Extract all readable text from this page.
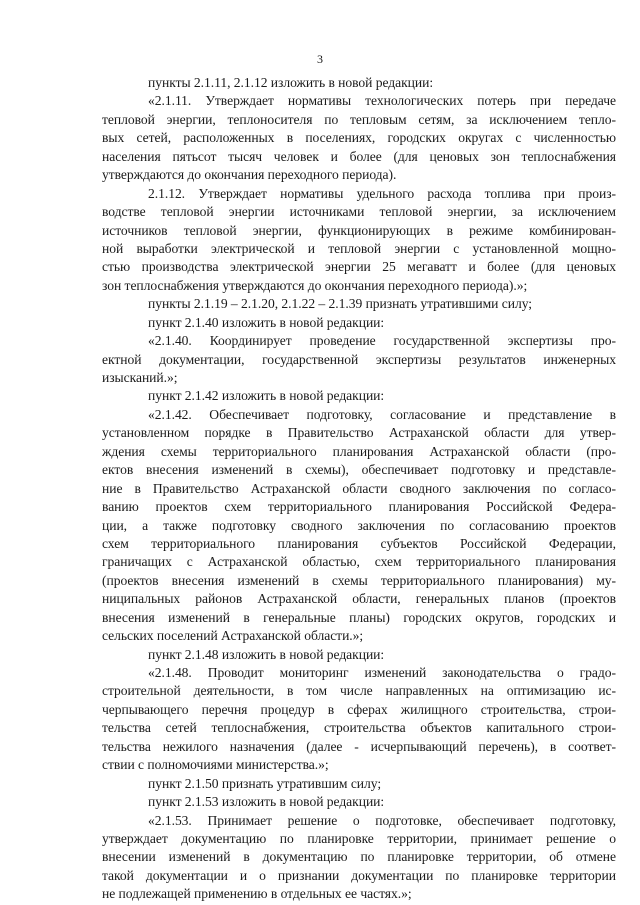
3
пункты 2.1.11, 2.1.12 изложить в новой редакции:
«2.1.11. Утверждает нормативы технологических потерь при передаче
тепловой энергии, теплоносителя по тепловым сетям, за исключением тепло-
вых сетей, расположенных в поселениях, городских округах с численностью
населения пятьсот тысяч человек и более (для ценовых зон теплоснабжения
утверждаются до окончания переходного периода).
2.1.12. Утверждает нормативы удельного расхода топлива при произ-
водстве тепловой энергии источниками тепловой энергии, за исключением
источников тепловой энергии, функционирующих в режиме комбинирован-
ной выработки электрической и тепловой энергии с установленной мощно-
стью производства электрической энергии 25 мегаватт и более (для ценовых
зон теплоснабжения утверждаются до окончания переходного периода).»;
пункты 2.1.19 – 2.1.20, 2.1.22 – 2.1.39 признать утратившими силу;
пункт 2.1.40 изложить в новой редакции:
«2.1.40. Координирует проведение государственной экспертизы про-
ектной документации, государственной экспертизы результатов инженерных
изысканий.»;
пункт 2.1.42 изложить в новой редакции:
«2.1.42. Обеспечивает подготовку, согласование и представление в
установленном порядке в Правительство Астраханской области для утвер-
ждения схемы территориального планирования Астраханской области (про-
ектов внесения изменений в схемы), обеспечивает подготовку и представле-
ние в Правительство Астраханской области сводного заключения по согласо-
ванию проектов схем территориального планирования Российской Федера-
ции, а также подготовку сводного заключения по согласованию проектов
схем территориального планирования субъектов Российской Федерации,
граничащих с Астраханской областью, схем территориального планирования
(проектов внесения изменений в схемы территориального планирования) му-
ниципальных районов Астраханской области, генеральных планов (проектов
внесения изменений в генеральные планы) городских округов, городских и
сельских поселений Астраханской области.»;
пункт 2.1.48 изложить в новой редакции:
«2.1.48. Проводит мониторинг изменений законодательства о градо-
строительной деятельности, в том числе направленных на оптимизацию ис-
черпывающего перечня процедур в сферах жилищного строительства, строи-
тельства сетей теплоснабжения, строительства объектов капитального строи-
тельства нежилого назначения (далее - исчерпывающий перечень), в соответ-
ствии с полномочиями министерства.»;
пункт 2.1.50 признать утратившим силу;
пункт 2.1.53 изложить в новой редакции:
«2.1.53. Принимает решение о подготовке, обеспечивает подготовку,
утверждает документацию по планировке территории, принимает решение о
внесении изменений в документацию по планировке территории, об отмене
такой документации и о признании документации по планировке территории
не подлежащей применению в отдельных ее частях.»;
